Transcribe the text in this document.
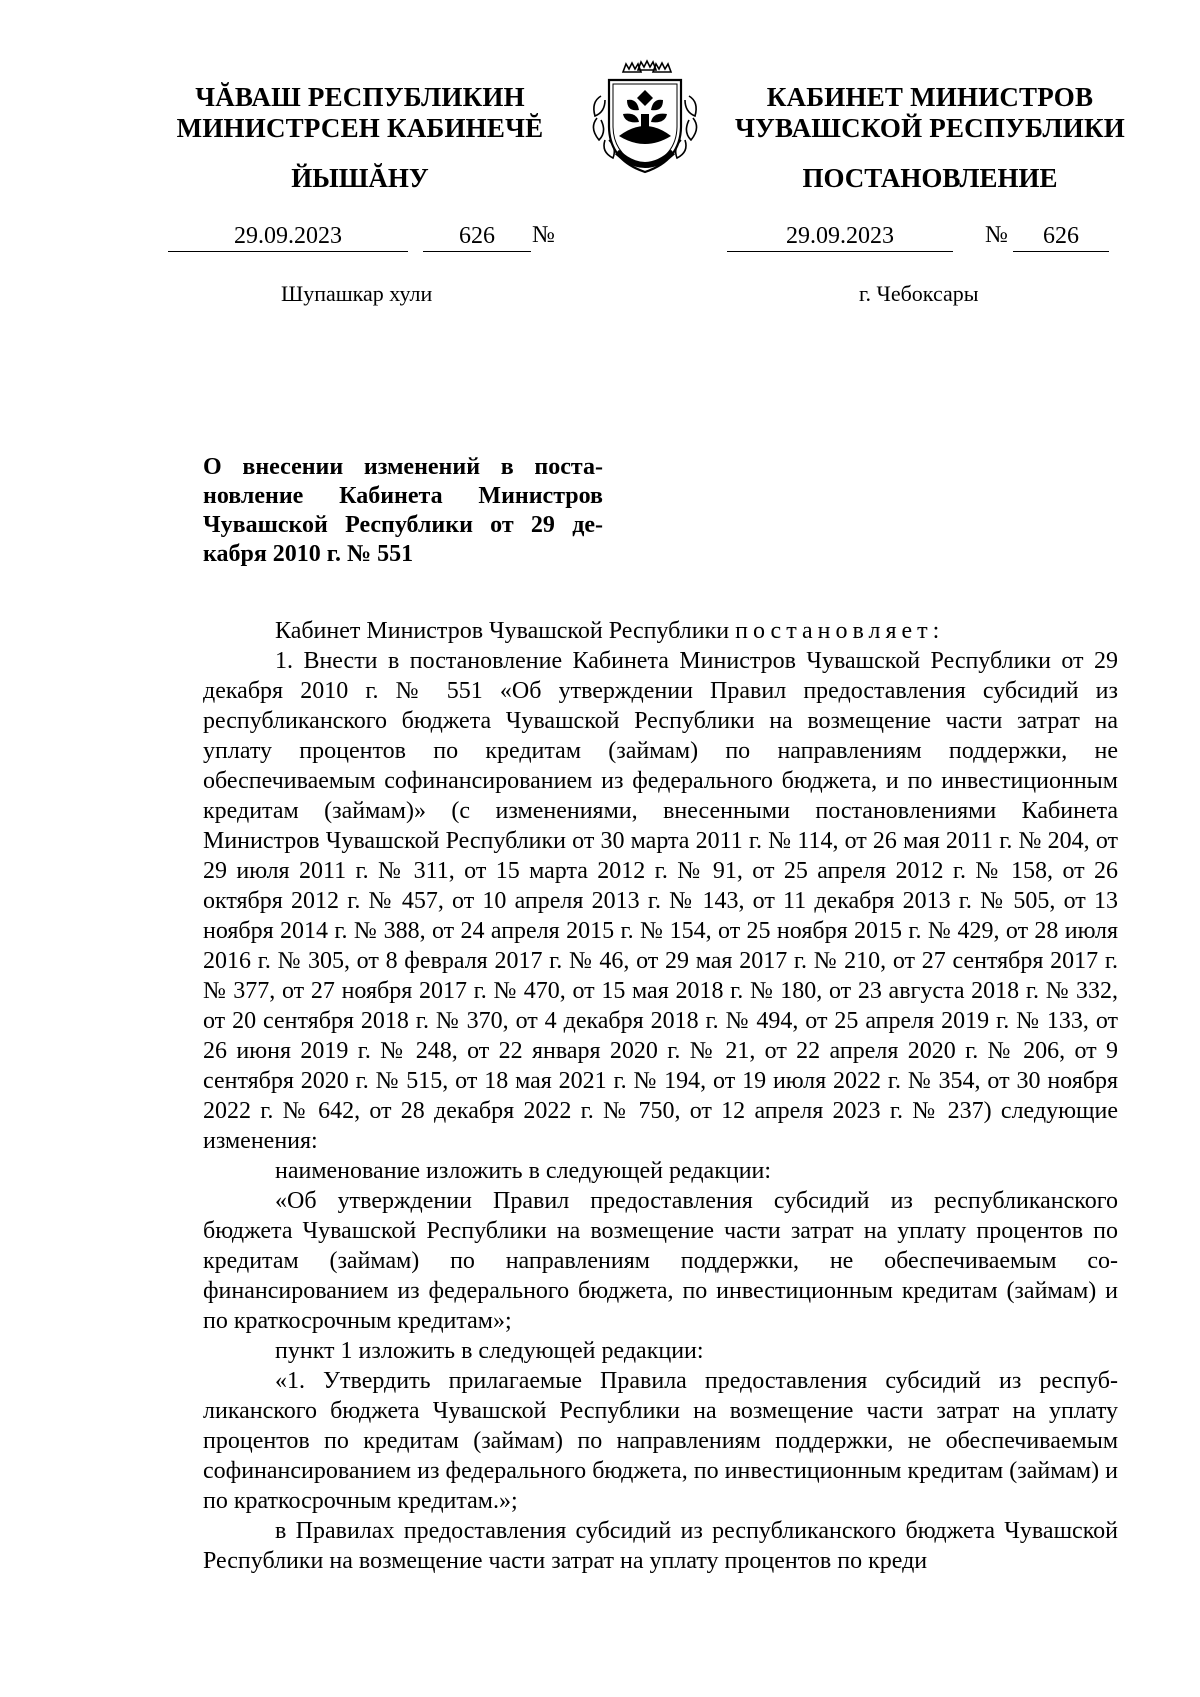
ЧĂВАШ РЕСПУБЛИКИН
МИНИСТРСЕН КАБИНЕЧĔ
ЙЫШĂНУ
КАБИНЕТ МИНИСТРОВ
ЧУВАШСКОЙ РЕСПУБЛИКИ
ПОСТАНОВЛЕНИЕ
29.09.2023	626	№	29.09.2023	№	626
Шупашкар хули	г. Чебоксары
О внесении изменений в постановление Кабинета Министров Чувашской Республики от 29 декабря 2010 г. № 551

Кабинет Министров Чувашской Республики постановляет:

1. Внести в постановление Кабинета Министров Чувашской Республики от 29 декабря 2010 г. № 551 «Об утверждении Правил предоставления субсидий из республиканского бюджета Чувашской Республики на возмещение части затрат на уплату процентов по кредитам (займам) по направлениям поддержки, не обеспечиваемым софинансированием из федерального бюджета, и по инвестиционным кредитам (займам)» (с изменениями, внесенными постановлениями Кабинета Министров Чувашской Республики от 30 марта 2011 г. № 114, от 26 мая 2011 г. № 204, от 29 июля 2011 г. № 311, от 15 марта 2012 г. № 91, от 25 апреля 2012 г. № 158, от 26 октября 2012 г. № 457, от 10 апреля 2013 г. № 143, от 11 декабря 2013 г. № 505, от 13 ноября 2014 г. № 388, от 24 апреля 2015 г. № 154, от 25 ноября 2015 г. № 429, от 28 июля 2016 г. № 305, от 8 февраля 2017 г. № 46, от 29 мая 2017 г. № 210, от 27 сентября 2017 г. № 377, от 27 ноября 2017 г. № 470, от 15 мая 2018 г. № 180, от 23 августа 2018 г. № 332, от 20 сентября 2018 г. № 370, от 4 декабря 2018 г. № 494, от 25 апреля 2019 г. № 133, от 26 июня 2019 г. № 248, от 22 января 2020 г. № 21, от 22 апреля 2020 г. № 206, от 9 сентября 2020 г. № 515, от 18 мая 2021 г. № 194, от 19 июля 2022 г. № 354, от 30 ноября 2022 г. № 642, от 28 декабря 2022 г. № 750, от 12 апреля 2023 г. № 237) следующие изменения:

наименование изложить в следующей редакции:

«Об утверждении Правил предоставления субсидий из республиканского бюджета Чувашской Республики на возмещение части затрат на уплату процентов по кредитам (займам) по направлениям поддержки, не обеспечиваемым софинансированием из федерального бюджета, по инвестиционным кредитам (займам) и по краткосрочным кредитам»;

пункт 1 изложить в следующей редакции:

«1. Утвердить прилагаемые Правила предоставления субсидий из республиканского бюджета Чувашской Республики на возмещение части затрат на уплату процентов по кредитам (займам) по направлениям поддержки, не обеспечиваемым софинансированием из федерального бюджета, по инвестиционным кредитам (займам) и по краткосрочным кредитам.»;

в Правилах предоставления субсидий из республиканского бюджета Чувашской Республики на возмещение части затрат на уплату процентов по креди
